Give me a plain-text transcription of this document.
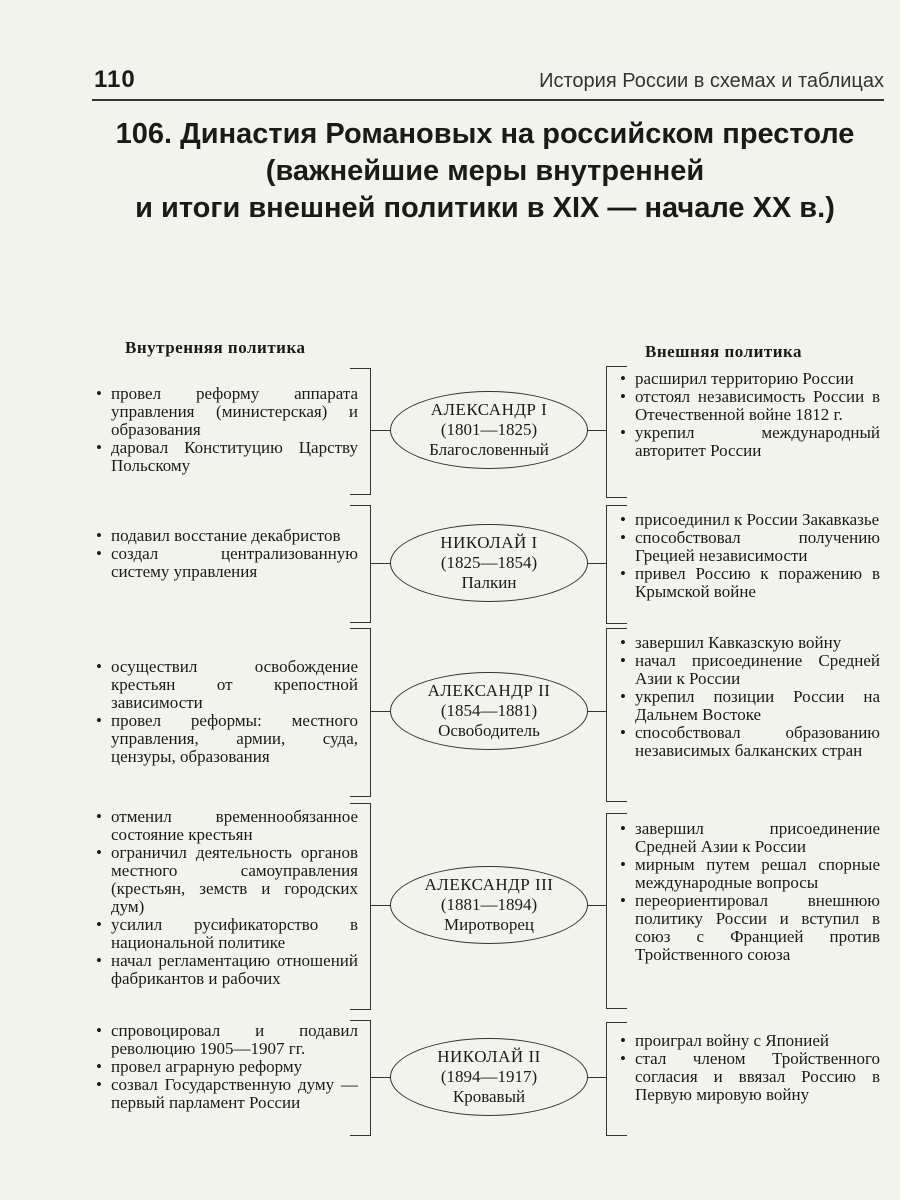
110	История России в схемах и таблицах
106. Династия Романовых на российском престоле
(важнейшие меры внутренней
и итоги внешней политики в XIX — начале XX в.)
Внутренняя политика	Внешняя политика
• провел реформу аппарата управления (министерская) и образования
• даровал Конституцию Царству Польскому
АЛЕКСАНДР I
(1801—1825)
Благословенный
• расширил территорию России
• отстоял независимость России в Отечественной войне 1812 г.
• укрепил международный авторитет России
• подавил восстание декабристов
• создал централизованную систему управления
НИКОЛАЙ I
(1825—1854)
Палкин
• присоединил к России Закавказье
• способствовал получению Грецией независимости
• привел Россию к поражению в Крымской войне
• осуществил освобождение крестьян от крепостной зависимости
• провел реформы: местного управления, армии, суда, цензуры, образования
АЛЕКСАНДР II
(1854—1881)
Освободитель
• завершил Кавказскую войну
• начал присоединение Средней Азии к России
• укрепил позиции России на Дальнем Востоке
• способствовал образованию независимых балканских стран
• отменил временнообязанное состояние крестьян
• ограничил деятельность органов местного самоуправления (крестьян, земств и городских дум)
• усилил русификаторство в национальной политике
• начал регламентацию отношений фабрикантов и рабочих
АЛЕКСАНДР III
(1881—1894)
Миротворец
• завершил присоединение Средней Азии к России
• мирным путем решал спорные международные вопросы
• переориентировал внешнюю политику России и вступил в союз с Францией против Тройственного союза
• спровоцировал и подавил революцию 1905—1907 гг.
• провел аграрную реформу
• созвал Государственную думу — первый парламент России
НИКОЛАЙ II
(1894—1917)
Кровавый
• проиграл войну с Японией
• стал членом Тройственного согласия и ввязал Россию в Первую мировую войну
